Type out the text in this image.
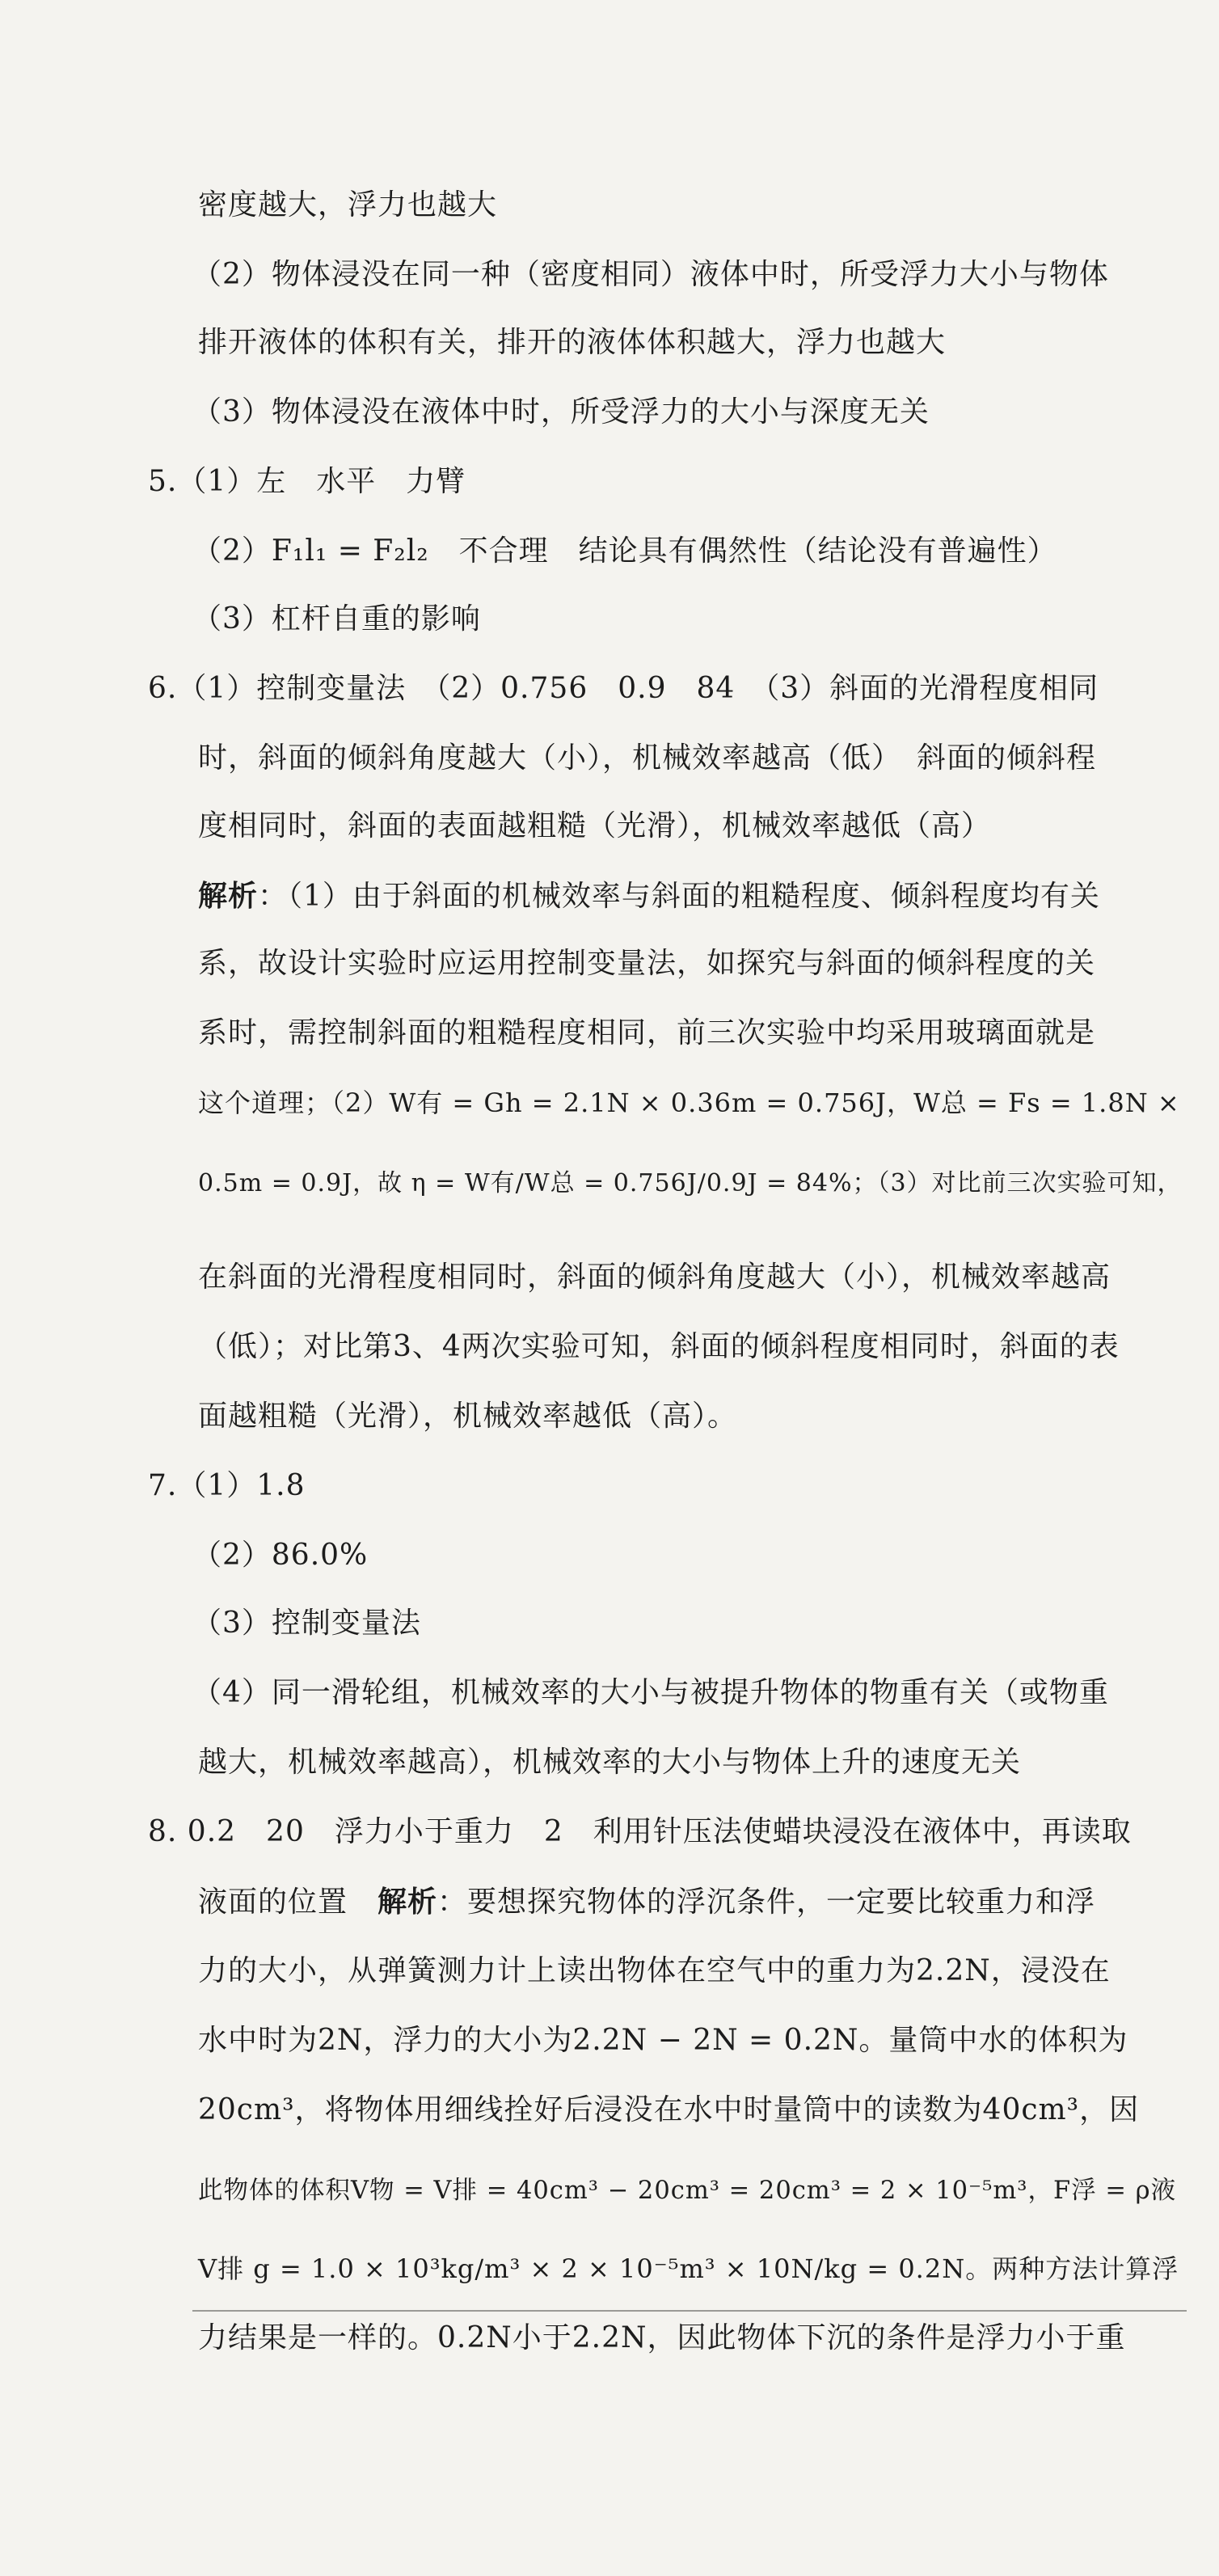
密度越大，浮力也越大
（2）物体浸没在同一种（密度相同）液体中时，所受浮力大小与物体
排开液体的体积有关，排开的液体体积越大，浮力也越大
（3）物体浸没在液体中时，所受浮力的大小与深度无关
5.（1）左　水平　力臂
（2）F₁l₁ = F₂l₂　不合理　结论具有偶然性（结论没有普遍性）
（3）杠杆自重的影响
6.（1）控制变量法　（2）0.756　0.9　84　（3）斜面的光滑程度相同
时，斜面的倾斜角度越大（小），机械效率越高（低）　斜面的倾斜程
度相同时，斜面的表面越粗糙（光滑），机械效率越低（高）
解析：（1）由于斜面的机械效率与斜面的粗糙程度、倾斜程度均有关
系，故设计实验时应运用控制变量法，如探究与斜面的倾斜程度的关
系时，需控制斜面的粗糙程度相同，前三次实验中均采用玻璃面就是
这个道理；（2）W有 = Gh = 2.1N × 0.36m = 0.756J，W总 = Fs = 1.8N ×
0.5m = 0.9J，故 η = W有/W总 = 0.756J/0.9J = 84%；（3）对比前三次实验可知，
在斜面的光滑程度相同时，斜面的倾斜角度越大（小），机械效率越高
（低）；对比第3、4两次实验可知，斜面的倾斜程度相同时，斜面的表
面越粗糙（光滑），机械效率越低（高）。
7.（1）1.8
（2）86.0%
（3）控制变量法
（4）同一滑轮组，机械效率的大小与被提升物体的物重有关（或物重
越大，机械效率越高），机械效率的大小与物体上升的速度无关
8. 0.2　20　浮力小于重力　2　利用针压法使蜡块浸没在液体中，再读取
液面的位置　解析：要想探究物体的浮沉条件，一定要比较重力和浮
力的大小，从弹簧测力计上读出物体在空气中的重力为2.2N，浸没在
水中时为2N，浮力的大小为2.2N − 2N = 0.2N。量筒中水的体积为
20cm³，将物体用细线拴好后浸没在水中时量筒中的读数为40cm³，因
此物体的体积V物 = V排 = 40cm³ − 20cm³ = 20cm³ = 2 × 10⁻⁵m³，F浮 = ρ液
V排 g = 1.0 × 10³kg/m³ × 2 × 10⁻⁵m³ × 10N/kg = 0.2N。两种方法计算浮
力结果是一样的。0.2N小于2.2N，因此物体下沉的条件是浮力小于重
